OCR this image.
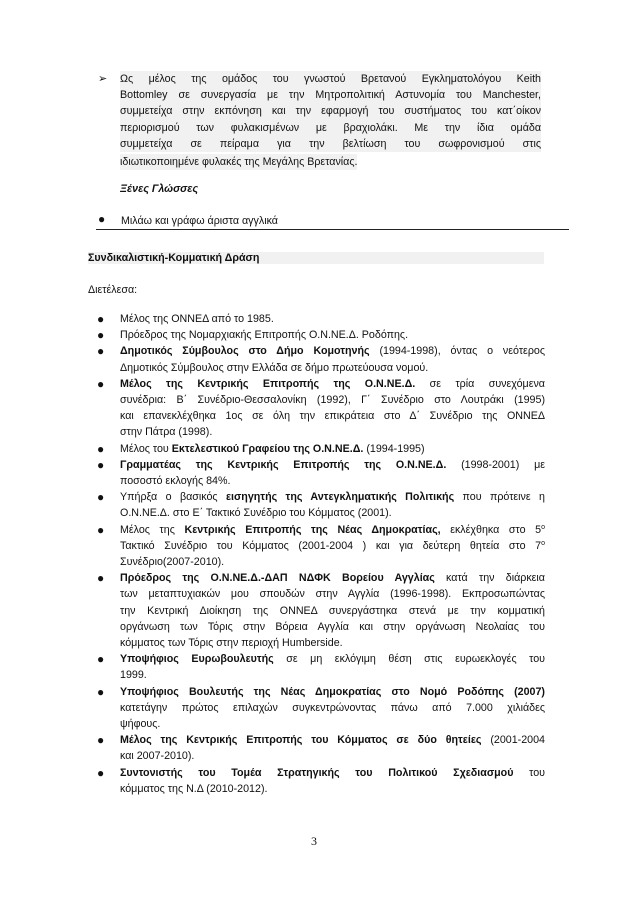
➢ Ως μέλος της ομάδος του γνωστού Βρετανού Εγκληματολόγου Keith
Bottomley σε συνεργασία με την Μητροπολιτική Αστυνομία του Manchester,
συμμετείχα στην εκπόνηση και την εφαρμογή του συστήματος του κατ΄οίκον
περιορισμού των φυλακισμένων με βραχιολάκι. Με την ίδια ομάδα
συμμετείχα σε πείραμα για την βελτίωση του σωφρονισμού στις
ιδιωτικοποιημένε φυλακές της Μεγάλης Βρετανίας.
Ξένες Γλώσσες
● Μιλάω και γράφω άριστα αγγλικά
Συνδικαλιστική-Κομματική Δράση
Διετέλεσα:
● Μέλος της ΟΝΝΕΔ από το 1985.
● Πρόεδρος της Νομαρχιακής Επιτροπής Ο.Ν.ΝΕ.Δ. Ροδόπης.
● Δημοτικός Σύμβουλος στο Δήμο Κομοτηνής (1994-1998), όντας ο νεότερος
Δημοτικός Σύμβουλος στην Ελλάδα σε δήμο πρωτεύουσα νομού.
● Μέλος της Κεντρικής Επιτροπής της Ο.Ν.ΝΕ.Δ. σε τρία συνεχόμενα
συνέδρια: Β΄ Συνέδριο-Θεσσαλονίκη (1992), Γ΄ Συνέδριο στο Λουτράκι (1995)
και επανεκλέχθηκα 1ος σε όλη την επικράτεια στο Δ΄ Συνέδριο της ΟΝΝΕΔ
στην Πάτρα (1998).
● Μέλος του Εκτελεστικού Γραφείου της Ο.Ν.ΝΕ.Δ. (1994-1995)
● Γραμματέας της Κεντρικής Επιτροπής της Ο.Ν.ΝΕ.Δ. (1998-2001) με
ποσοστό εκλογής 84%.
● Υπήρξα ο βασικός εισηγητής της Αντεγκληματικής Πολιτικής που πρότεινε η
Ο.Ν.ΝΕ.Δ. στο Ε΄ Τακτικό Συνέδριο του Κόμματος (2001).
● Μέλος της Κεντρικής Επιτροπής της Νέας Δημοκρατίας, εκλέχθηκα στο $5^o$
Τακτικό Συνέδριο του Κόμματος (2001-2004 ) και για δεύτερη θητεία στο $7^o$
Συνέδριο(2007-2010).
● Πρόεδρος της Ο.Ν.ΝΕ.Δ.-ΔΑΠ ΝΔΦΚ Βορείου Αγγλίας κατά την διάρκεια
των μεταπτυχιακών μου σπουδών στην Αγγλία (1996-1998). Εκπροσωπώντας
την Κεντρική Διοίκηση της ΟΝΝΕΔ συνεργάστηκα στενά με την κομματική
οργάνωση των Τόρις στην Βόρεια Αγγλία και στην οργάνωση Νεολαίας του
κόμματος των Τόρις στην περιοχή Humberside.
● Υποψήφιος Ευρωβουλευτής σε μη εκλόγιμη θέση στις ευρωεκλογές του
1999.
● Υποψήφιος Βουλευτής της Νέας Δημοκρατίας στο Νομό Ροδόπης (2007)
κατετάγην πρώτος επιλαχών συγκεντρώνοντας πάνω από 7.000 χιλιάδες
ψήφους.
● Μέλος της Κεντρικής Επιτροπής του Κόμματος σε δύο θητείες (2001-2004
και 2007-2010).
● Συντονιστής του Τομέα Στρατηγικής του Πολιτικού Σχεδιασμού του
κόμματος της Ν.Δ (2010-2012).
3
